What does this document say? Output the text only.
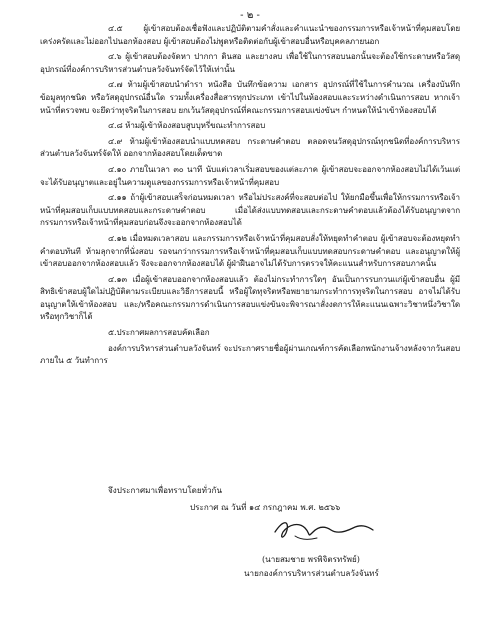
- ๒ -

๔.๕ ผู้เข้าสอบต้องเชื่อฟังและปฏิบัติตามคำสั่งและคำแนะนำของกรรมการหรือเจ้าหน้าที่คุมสอบโดยเคร่งครัดและไม่ออกไปนอกห้องสอบ ผู้เข้าสอบต้องไม่พูดหรือติดต่อกับผู้เข้าสอบอื่นหรือบุคคลภายนอก

๔.๖ ผู้เข้าสอบต้องจัดหา ปากกา ดินสอ และยางลบ เพื่อใช้ในการสอบนอกนั้นจะต้องใช้กระดาษหรือวัสดุอุปกรณ์ที่องค์การบริหารส่วนตำบลวังจันทร์จัดไว้ให้เท่านั้น

๔.๗ ห้ามผู้เข้าสอบนำตำรา หนังสือ บันทึกข้อความ เอกสาร อุปกรณ์ที่ใช้ในการคำนวณ เครื่องบันทึกข้อมูลทุกชนิด หรือวัสดุอุปกรณ์อื่นใด รวมทั้งเครื่องสื่อสารทุกประเภท เข้าไปในห้องสอบและระหว่างดำเนินการสอบ หากเจ้าหน้าที่ตรวจพบ จะยึดว่าทุจริตในการสอบ ยกเว้นวัสดุอุปกรณ์ที่คณะกรรมการสอบแข่งขันฯ กำหนดให้นำเข้าห้องสอบได้

๔.๘ ห้ามผู้เข้าห้องสอบสูบบุหรี่ขณะทำการสอบ

๔.๙ ห้ามผู้เข้าห้องสอบนำแบบทดสอบ กระดาษคำตอบ ตลอดจนวัสดุอุปกรณ์ทุกชนิดที่องค์การบริหารส่วนตำบลวังจันทร์จัดให้ ออกจากห้องสอบโดยเด็ดขาด

๔.๑๐ ภายในเวลา ๓๐ นาที นับแต่เวลาเริ่มสอบของแต่ละภาค ผู้เข้าสอบจะออกจากห้องสอบไม่ได้เว้นแต่จะได้รับอนุญาตและอยู่ในความดูแลของกรรมการหรือเจ้าหน้าที่คุมสอบ

๔.๑๑ ถ้าผู้เข้าสอบเสร็จก่อนหมดเวลา หรือไม่ประสงค์ที่จะสอบต่อไป ให้ยกมือขึ้นเพื่อให้กรรมการหรือเจ้าหน้าที่คุมสอบเก็บแบบทดสอบและกระดาษคำตอบ เมื่อได้ส่งแบบทดสอบและกระดาษคำตอบแล้วต้องได้รับอนุญาตจากกรรมการหรือเจ้าหน้าที่คุมสอบก่อนจึงจะออกจากห้องสอบได้

๔.๑๒ เมื่อหมดเวลาสอบ และกรรมการหรือเจ้าหน้าที่คุมสอบสั่งให้หยุดทำคำตอบ ผู้เข้าสอบจะต้องหยุดทำคำตอบทันที ห้ามลุกจากที่นั่งสอบ รอจนกว่ากรรมการหรือเจ้าหน้าที่คุมสอบเก็บแบบทดสอบกระดาษคำตอบ และอนุญาตให้ผู้เข้าสอบออกจากห้องสอบแล้ว จึงจะออกจากห้องสอบได้ ผู้ฝ่าฝืนอาจไม่ได้รับการตรวจให้คะแนนสำหรับการสอบภาคนั้น

๔.๑๓ เมื่อผู้เข้าสอบออกจากห้องสอบแล้ว ต้องไม่กระทำการใดๆ อันเป็นการรบกวนแก่ผู้เข้าสอบอื่น ผู้มีสิทธิเข้าสอบผู้ใดไม่ปฏิบัติตามระเบียบและวิธีการสอบนี้ หรือผู้ใดทุจริตหรือพยายามกระทำการทุจริตในการสอบ อาจไม่ได้รับอนุญาตให้เข้าห้องสอบ และ/หรือคณะกรรมการดำเนินการสอบแข่งขันจะพิจารณาสั่งงดการให้คะแนนเฉพาะวิชาหนึ่งวิชาใดหรือทุกวิชาก็ได้

๕.ประกาศผลการสอบคัดเลือก

องค์การบริหารส่วนตำบลวังจันทร์ จะประกาศรายชื่อผู้ผ่านเกณฑ์การคัดเลือกพนักงานจ้างหลังจากวันสอบ ภายใน ๕ วันทำการ

จึงประกาศมาเพื่อทราบโดยทั่วกัน
ประกาศ ณ วันที่ ๑๔ กรกฎาคม พ.ศ. ๒๕๖๖
(นายสมชาย พรพิจิตรทรัพย์)
นายกองค์การบริหารส่วนตำบลวังจันทร์
